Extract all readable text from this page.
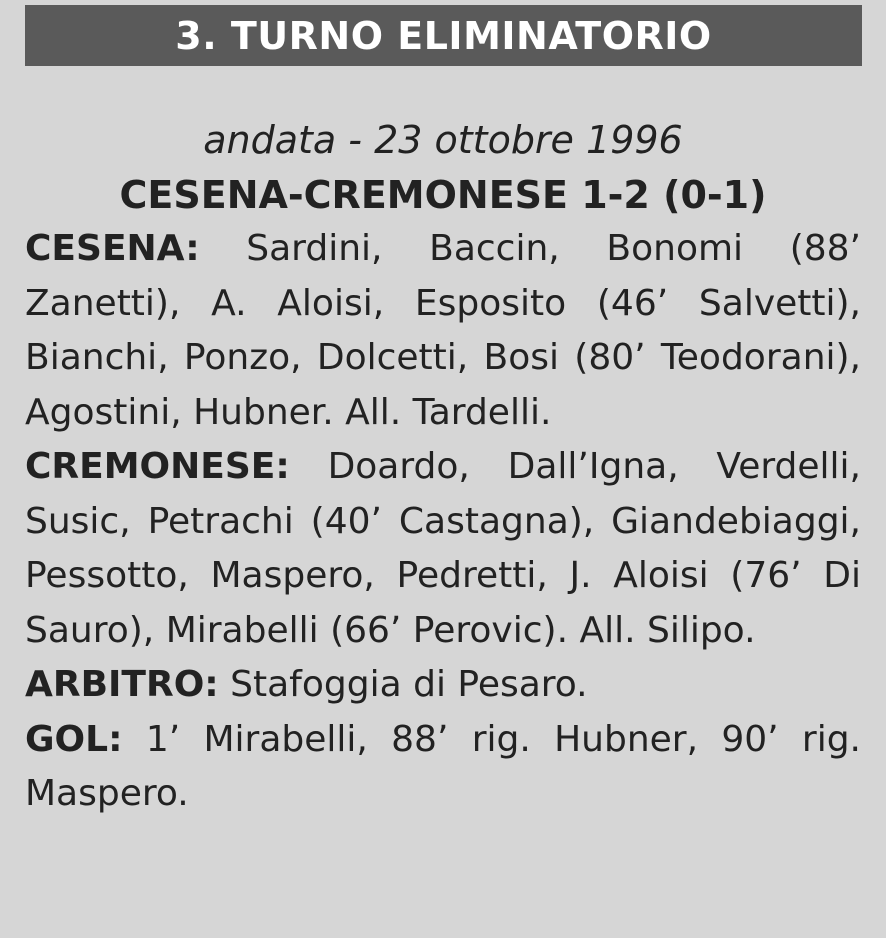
3. TURNO ELIMINATORIO
andata - 23 ottobre 1996
CESENA-CREMONESE 1-2 (0-1)
CESENA: Sardini, Baccin, Bonomi (88’ Zanetti), A. Aloisi, Esposito (46’ Salvetti), Bianchi, Ponzo, Dolcetti, Bosi (80’ Teodorani), Agostini, Hubner. All. Tardelli.
CREMONESE: Doardo, Dall’Igna, Verdelli, Susic, Petrachi (40’ Castagna), Giandebiaggi, Pessotto, Maspero, Pedretti, J. Aloisi (76’ Di Sauro), Mirabelli (66’ Perovic). All. Silipo.
ARBITRO: Stafoggia di Pesaro.
GOL: 1’ Mirabelli, 88’ rig. Hubner, 90’ rig. Maspero.
